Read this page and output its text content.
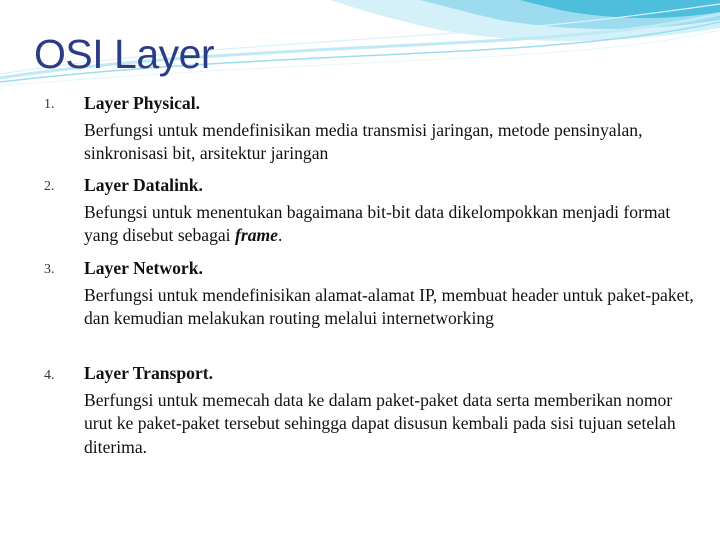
OSI Layer
1.	Layer Physical.
Berfungsi untuk mendefinisikan media transmisi jaringan, metode pensinyalan, sinkronisasi bit, arsitektur jaringan
2.	Layer Datalink.
Befungsi untuk menentukan bagaimana bit-bit data dikelompokkan menjadi format yang disebut sebagai frame.
3.	Layer Network.
Berfungsi untuk mendefinisikan alamat-alamat IP, membuat header untuk paket-paket, dan kemudian melakukan routing melalui internetworking
4.	Layer Transport.
Berfungsi untuk memecah data ke dalam paket-paket data serta memberikan nomor urut ke paket-paket tersebut sehingga dapat disusun kembali pada sisi tujuan setelah diterima.
